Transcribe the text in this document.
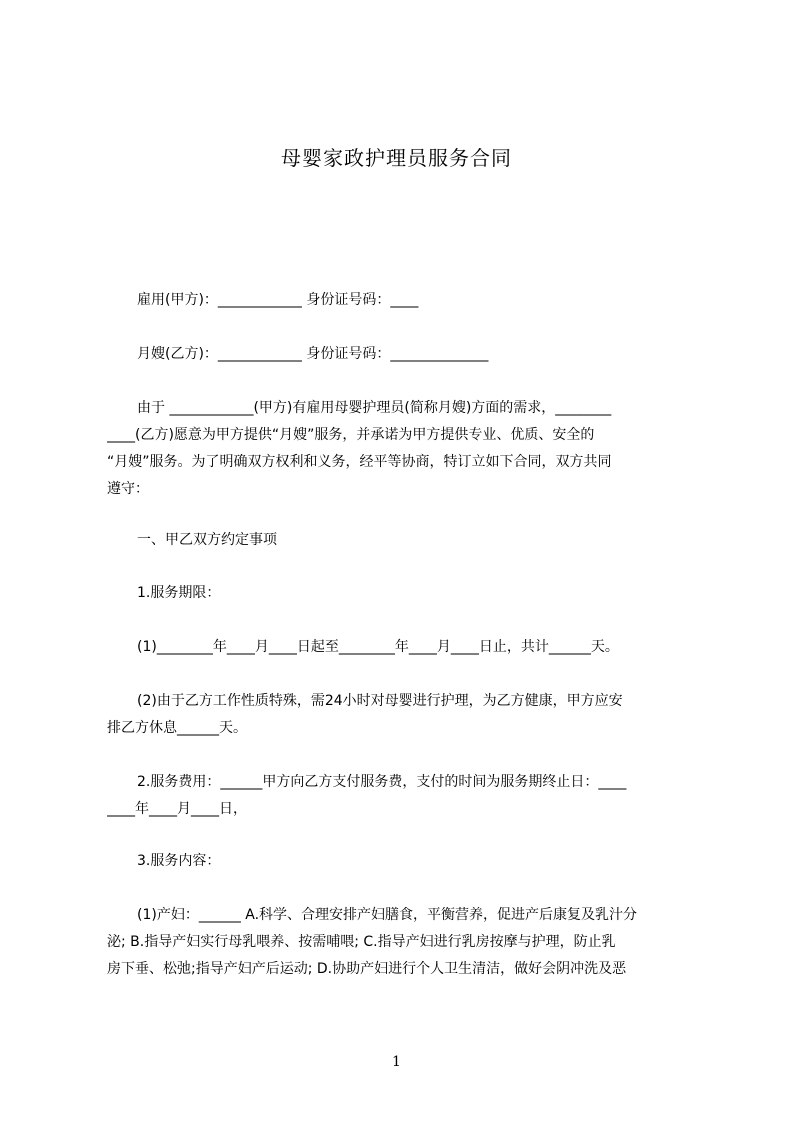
母婴家政护理员服务合同
雇用(甲方)：____________ 身份证号码：____
月嫂(乙方)：____________ 身份证号码：______________
由于 ____________(甲方)有雇用母婴护理员(简称月嫂)方面的需求，________
____(乙方)愿意为甲方提供“月嫂”服务，并承诺为甲方提供专业、优质、安全的
“月嫂”服务。为了明确双方权利和义务，经平等协商，特订立如下合同，双方共同
遵守：
一、甲乙双方约定事项
1.服务期限：
(1)________年____月____日起至________年____月____日止，共计______天。
(2)由于乙方工作性质特殊，需24小时对母婴进行护理，为乙方健康，甲方应安
排乙方休息______天。
2.服务费用：______甲方向乙方支付服务费，支付的时间为服务期终止日：____
____年____月____日，
3.服务内容：
(1)产妇：______ A.科学、合理安排产妇膳食，平衡营养，促进产后康复及乳汁分
泌; B.指导产妇实行母乳喂养、按需哺喂; C.指导产妇进行乳房按摩与护理，防止乳
房下垂、松弛;指导产妇产后运动; D.协助产妇进行个人卫生清洁，做好会阴冲洗及恶
1
